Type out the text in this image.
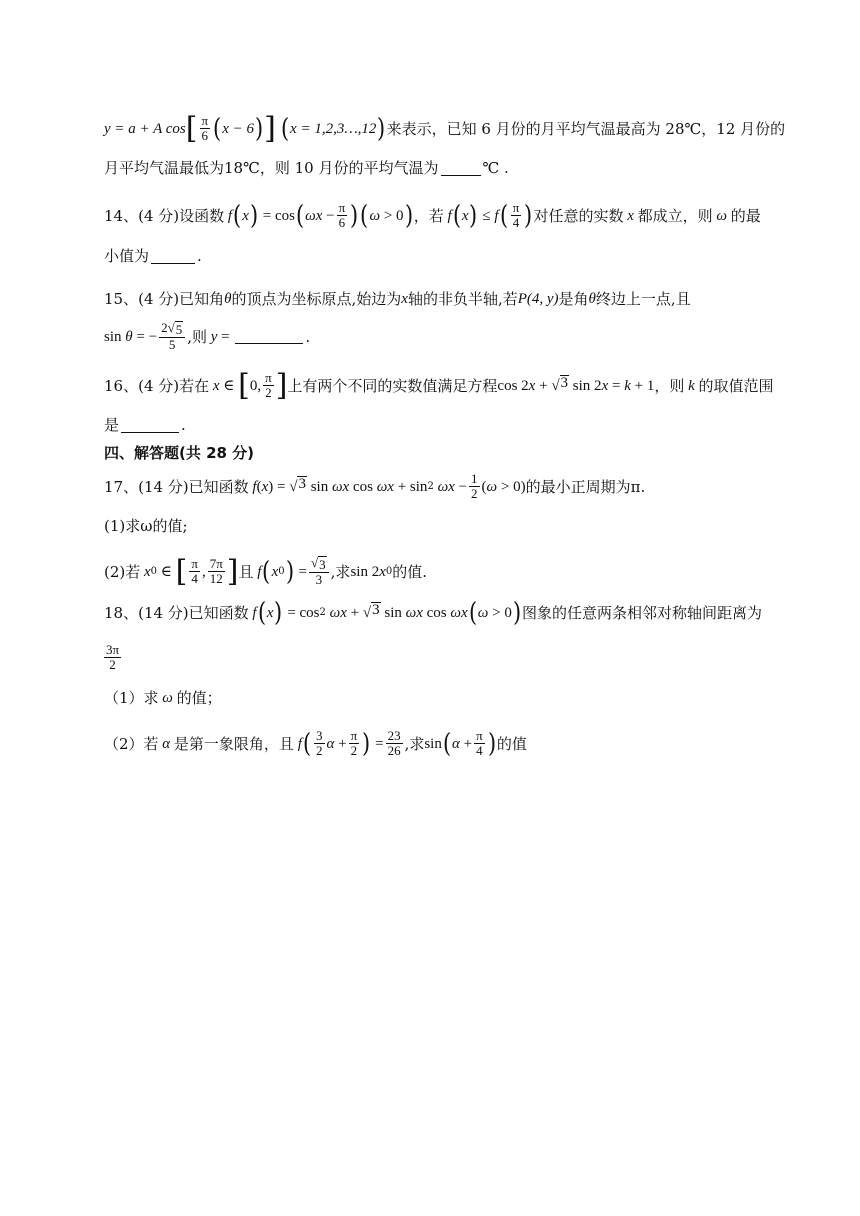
y = a + A cos [ $\frac{\pi}{6}$ ( x − 6 ) ] ( x = 1,2,3…,12 ) 来表示，已知 6 月份的月平均气温最高为 28℃，12 月份的
月平均气温最低为18℃，则 10 月份的平均气温为	℃ .
14、(4 分)设函数 f ( x ) = cos ( $\omega x - \frac{\pi}{6}$ ) ( ω > 0 ) ，若 f ( x ) ≤ f ( $\frac{\pi}{4}$ ) 对任意的实数 x 都成立，则 ω 的最
小值为	.
15、(4 分)已知角 θ 的顶点为坐标原点,始边为 x 轴的非负半轴,若 P(4, y) 是角 θ 终边上一点,且
sin θ = − $\frac{2 √ 5}{5}$ ,则 y =	.
16、(4 分)若在 x ∈ [ 0, $\frac{\pi}{2}$ ] 上有两个不同的实数值满足方程 cos 2 x + √ 3 sin 2 x = k + 1 ，则 k 的取值范围
是	.
四、解答题(共 28 分)
17、(14 分)已知函数 f ( x ) = √ 3 sin ωx cos ωx + sin 2 $\omega x - \frac{1}{2}$ ( ω > 0) 的最小正周期为π.
(1)求ω的值;
(2)若 x 0 ∈ [ $\frac{\pi}{4}$ , $\frac{7\pi}{12}$ ] 且 f ( x 0 ) = $\frac{√ 3}{3}$ ,求 sin 2 x 0 的值.
18、(14 分)已知函数 f ( x ) = cos 2 ωx + √ 3 sin ωx cos ωx ( ω > 0 ) 图象的任意两条相邻对称轴间距离为
$\frac{3\pi}{2}$
（1）求 ω 的值；
（2）若 α 是第一象限角，且 f ( $\frac{3}{2}$ $\alpha + \frac{\pi}{2}$ ) = $\frac{23}{26}$ ,求 sin ( $\alpha + \frac{\pi}{4}$ ) 的值
